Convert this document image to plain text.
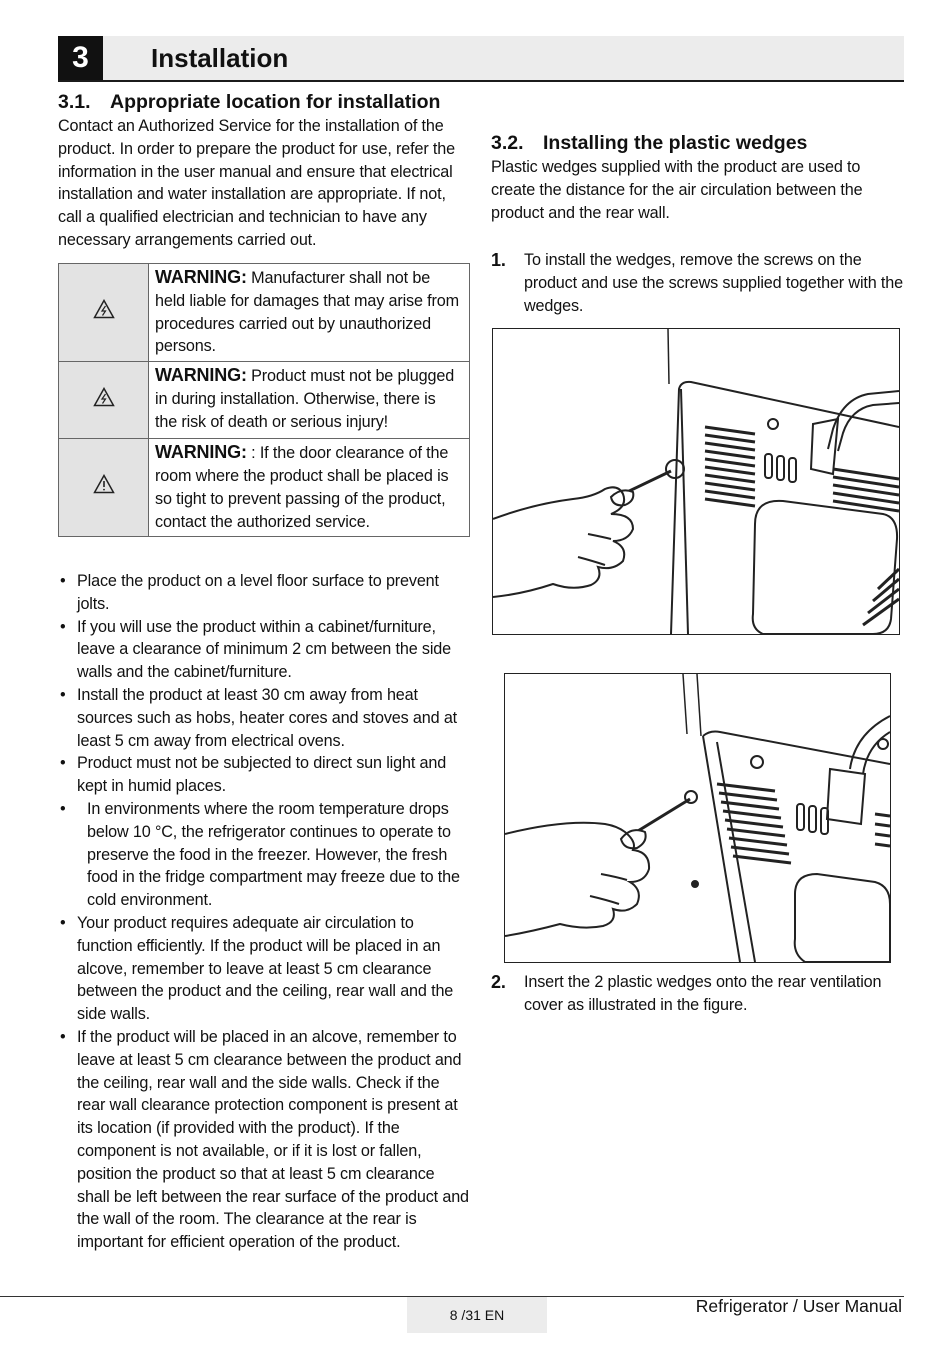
3	Installation
3.1. Appropriate location for installation
Contact an Authorized Service for the installation of the product. In order to prepare the product for use, refer the information in the user manual and ensure that electrical installation and water installation are appropriate. If not, call a qualified electrician and technician to have any necessary arrangements carried out.
	WARNING: Manufacturer shall not be held liable for damages that may arise from procedures carried out by unauthorized persons.
	WARNING: Product must not be plugged in during installation. Otherwise, there is the risk of death or serious injury!
	WARNING: : If the door clearance of the room where the product shall be placed is so tight to prevent passing of the product, contact the authorized service.
• Place the product on a level floor surface to prevent jolts.
• If you will use the product within a cabinet/furniture, leave a clearance of minimum 2 cm between the side walls and the cabinet/furniture.
• Install the product at least 30 cm away from heat sources such as hobs, heater cores and stoves and at least 5 cm away from electrical ovens.
• Product must not be subjected to direct sun light and kept in humid places.
• In environments where the room temperature drops below 10 °C, the refrigerator continues to operate to preserve the food in the freezer. However, the fresh food in the fridge compartment may freeze due to the cold environment.
• Your product requires adequate air circulation to function efficiently. If the product will be placed in an alcove, remember to leave at least 5 cm clearance between the product and the ceiling, rear wall and the side walls.
• If the product will be placed in an alcove, remember to leave at least 5 cm clearance between the product and the ceiling, rear wall and the side walls. Check if the rear wall clearance protection component is present at its location (if provided with the product). If the component is not available, or if it is lost or fallen, position the product so that at least 5 cm clearance shall be left between the rear surface of the product and the wall of the room. The clearance at the rear is important for efficient operation of the product.
3.2. Installing the plastic wedges
Plastic wedges supplied with the product are used to create the distance for the air circulation between the product and the rear wall.
1. To install the wedges, remove the screws on the product and use the screws supplied together with the wedges.
2. Insert the 2 plastic wedges onto the rear ventilation cover as illustrated in the figure.
8 /31 EN	Refrigerator / User Manual
